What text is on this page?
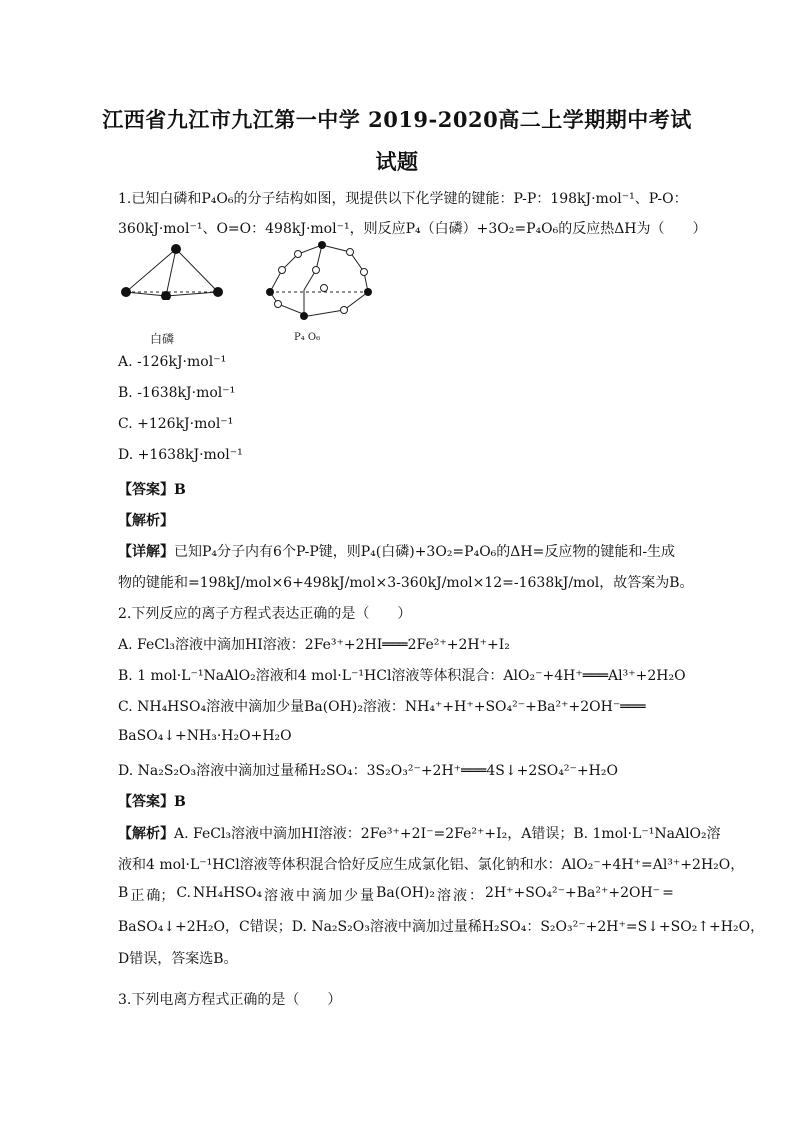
江西省九江市九江第一中学 2019-2020高二上学期期中考试
试题
1.已知白磷和P₄O₆的分子结构如图，现提供以下化学键的键能：P-P：198kJ·mol⁻¹、P-O：
360kJ·mol⁻¹、O=O：498kJ·mol⁻¹，则反应P₄（白磷）+3O₂=P₄O₆的反应热ΔH为（　　）
白磷	P₄ O₆
A. -126kJ·mol⁻¹
B. -1638kJ·mol⁻¹
C. +126kJ·mol⁻¹
D. +1638kJ·mol⁻¹
【答案】B
【解析】
【详解】已知P₄分子内有6个P-P键，则P₄(白磷)+3O₂=P₄O₆的ΔH=反应物的键能和-生成
物的键能和=198kJ/mol×6+498kJ/mol×3-360kJ/mol×12=-1638kJ/mol，故答案为B。
2.下列反应的离子方程式表达正确的是（　　）
A. FeCl₃溶液中滴加HI溶液：2Fe³⁺+2HI═══2Fe²⁺+2H⁺+I₂
B. 1 mol·L⁻¹NaAlO₂溶液和4 mol·L⁻¹HCl溶液等体积混合：AlO₂⁻+4H⁺═══Al³⁺+2H₂O
C. NH₄HSO₄溶液中滴加少量Ba(OH)₂溶液：NH₄⁺+H⁺+SO₄²⁻+Ba²⁺+2OH⁻═══
BaSO₄↓+NH₃·H₂O+H₂O
D. Na₂S₂O₃溶液中滴加过量稀H₂SO₄：3S₂O₃²⁻+2H⁺═══4S↓+2SO₄²⁻+H₂O
【答案】B
【解析】A. FeCl₃溶液中滴加HI溶液：2Fe³⁺+2I⁻=2Fe²⁺+I₂，A错误；B. 1mol·L⁻¹NaAlO₂溶
液和4 mol·L⁻¹HCl溶液等体积混合恰好反应生成氯化铝、氯化钠和水：AlO₂⁻+4H⁺=Al³⁺+2H₂O，
B 正 确； C. NH₄HSO₄ 溶 液 中 滴 加 少 量 Ba(OH)₂ 溶 液 ： 2H⁺+SO₄²⁻+Ba²⁺+2OH⁻ =
BaSO₄↓+2H₂O，C错误；D. Na₂S₂O₃溶液中滴加过量稀H₂SO₄：S₂O₃²⁻+2H⁺=S↓+SO₂↑+H₂O，
D错误，答案选B。
3.下列电离方程式正确的是（　　）
